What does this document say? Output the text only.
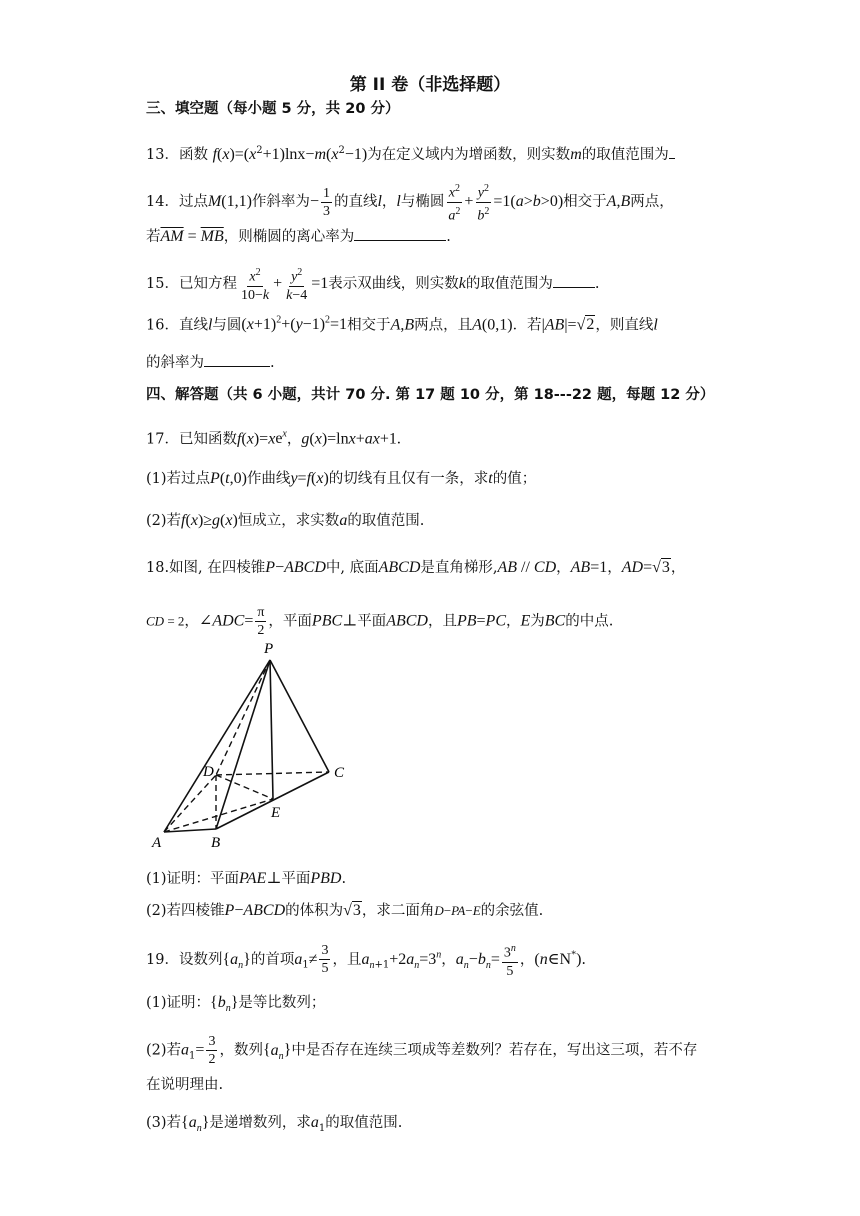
第 II 卷（非选择题）
三、填空题（每小题 5 分，共 20 分）
13．函数 $f(x)=(x^2+1)\ln x-m(x^2-1)$为在定义域内为增函数，则实数m的取值范围为
14．过点M(1,1)作斜率为− $\frac{1}{3}$ 的直线l，l与椭圆 $\frac{x^2}{a^2} + \frac{y^2}{b^2} =1(a>b>0)$相交于A,B两点，
若$\overline{AM} = \overline{MB}$，则椭圆的离心率为	.
15．已知方程 $\frac{x^2}{10-k} + \frac{y^2}{k-4} =1$表示双曲线，则实数k的取值范围为	.
16．直线l与圆$(x+1)^2+(y-1)^2=1$相交于A,B两点，且A(0,1)．若|AB|=√2，则直线l
的斜率为	.
四、解答题（共 6 小题，共计 70 分. 第 17 题 10 分，第 18---22 题，每题 12 分）
17．已知函数$f(x)=xe^x$，g(x)=lnx+ax+1.
(1)若过点P(t,0)作曲线y=f(x)的切线有且仅有一条，求t的值；
(2)若f(x)≥g(x)恒成立，求实数a的取值范围.
18.如图, 在四棱锥P−ABCD中, 底面ABCD是直角梯形,AB // CD，AB=1，AD=√3，
CD = 2，∠ADC= $\frac{\pi}{2}$ ，平面PBC⊥平面ABCD，且PB=PC，E为BC的中点.
P
D	C
E
A	B
(1)证明：平面PAE⊥平面PBD.
(2)若四棱锥P−ABCD的体积为√3，求二面角D−PA−E的余弦值.
19．设数列$\{a_n\}$的首项$a_1\ne \frac{3}{5}$ ，且$a_{n+1}+2a_n=3^n$，$a_n-b_n= \frac{3^n}{5}$ ，(n∈N*).
(1)证明：$\{b_n\}$是等比数列；
(2)若$a_1= \frac{3}{2}$ ，数列$\{a_n\}$中是否存在连续三项成等差数列？若存在，写出这三项，若不存
在说明理由.
(3)若$\{a_n\}$是递增数列，求$a_1$的取值范围.
